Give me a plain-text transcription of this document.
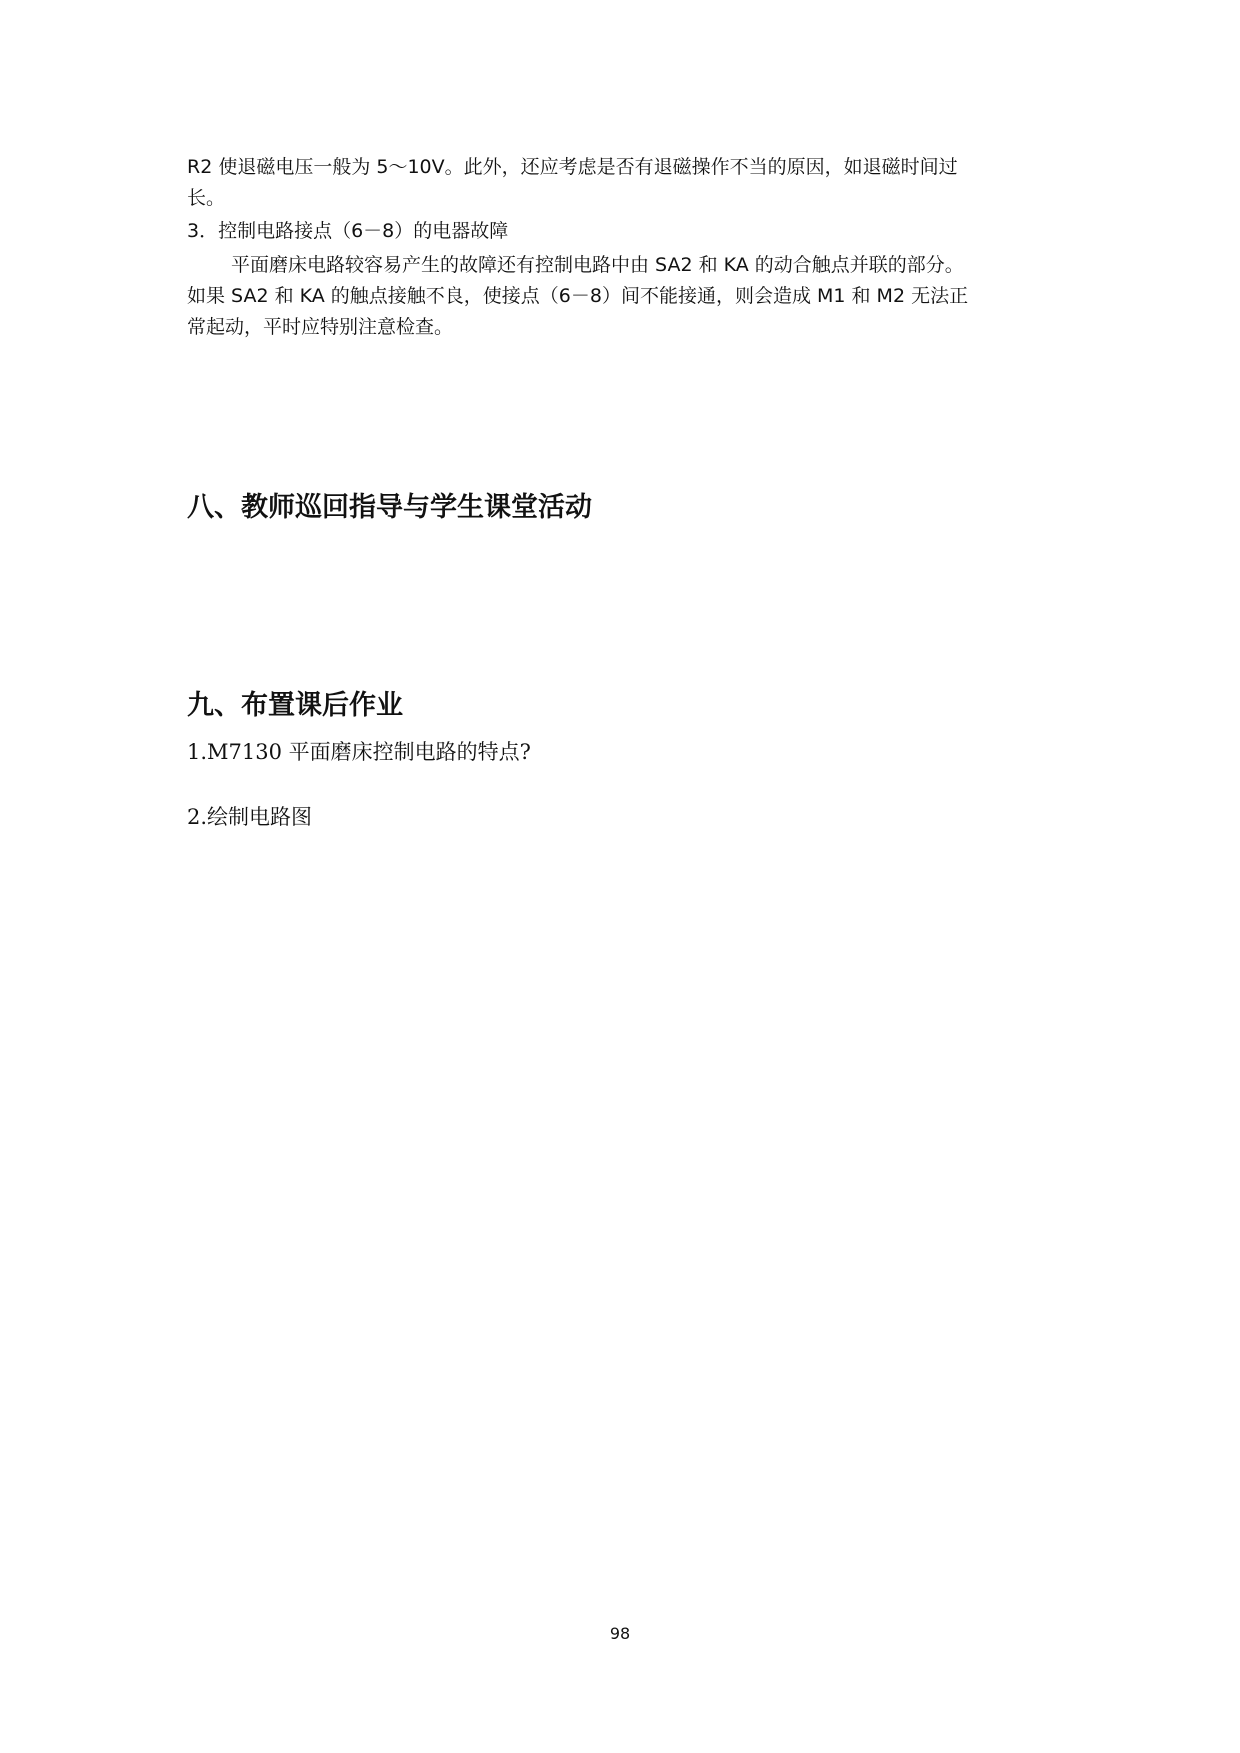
R2 使退磁电压一般为 5～10V。此外，还应考虑是否有退磁操作不当的原因，如退磁时间过
长。
3．控制电路接点（6－8）的电器故障
平面磨床电路较容易产生的故障还有控制电路中由 SA2 和 KA 的动合触点并联的部分。
如果 SA2 和 KA 的触点接触不良，使接点（6－8）间不能接通，则会造成 M1 和 M2 无法正
常起动，平时应特别注意检查。
八、教师巡回指导与学生课堂活动
九、布置课后作业
1.M7130 平面磨床控制电路的特点?
2.绘制电路图
98
